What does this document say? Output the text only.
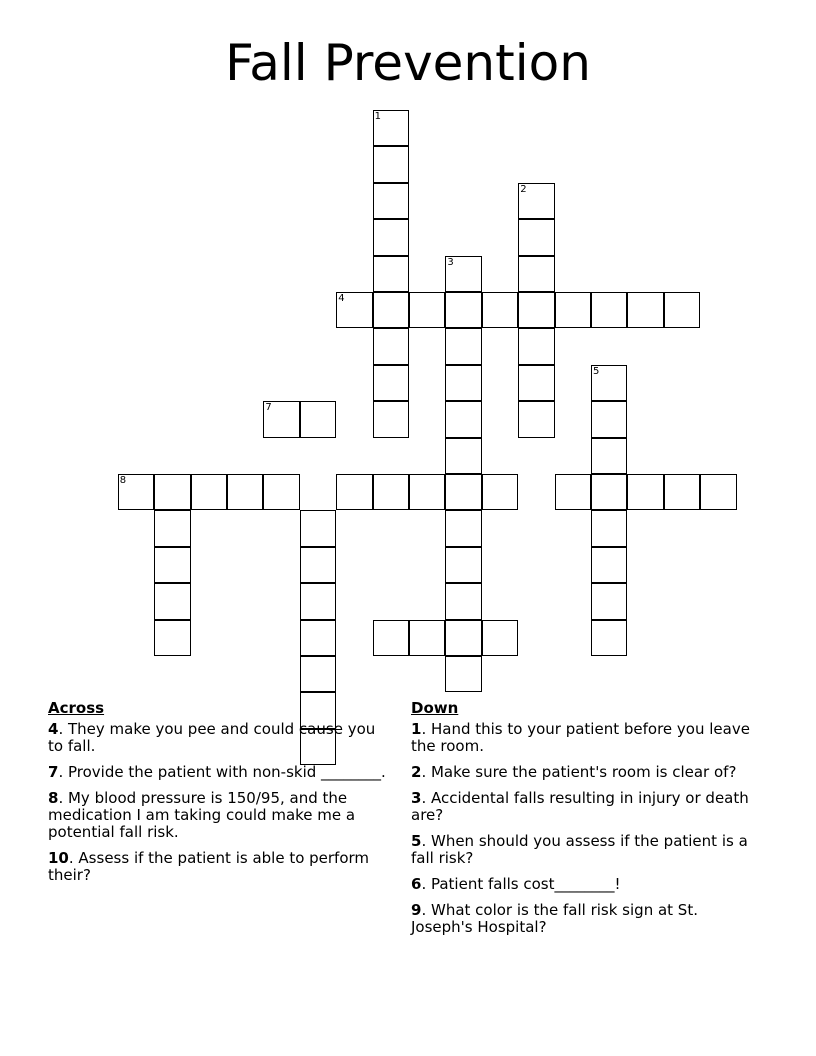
Fall Prevention
1
2
3
4
5
7
8
Across
4. They make you pee and could cause you to fall.
7. Provide the patient with non-skid ________.
8. My blood pressure is 150/95, and the medication I am taking could make me a potential fall risk.
10. Assess if the patient is able to perform their?
Down
1. Hand this to your patient before you leave the room.
2. Make sure the patient's room is clear of?
3. Accidental falls resulting in injury or death are?
5. When should you assess if the patient is a fall risk?
6. Patient falls cost________!
9. What color is the fall risk sign at St. Joseph's Hospital?
